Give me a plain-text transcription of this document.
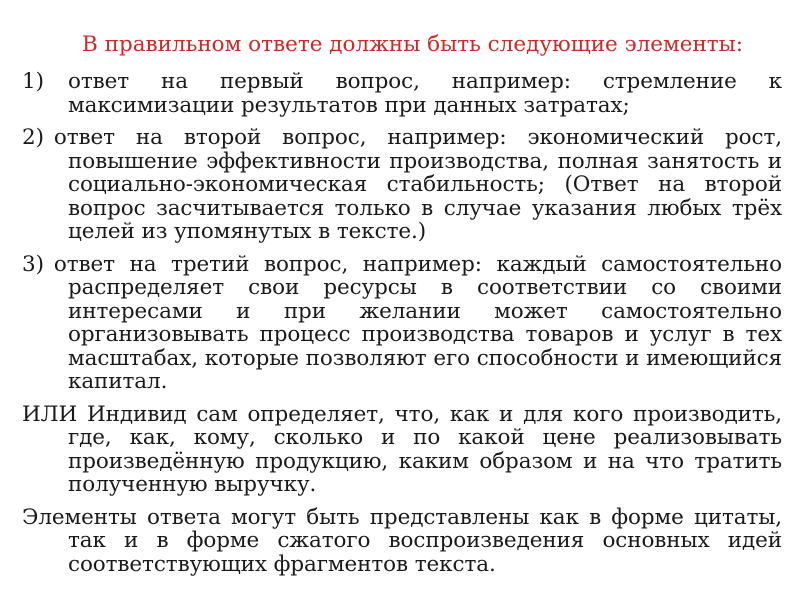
В правильном ответе должны быть следующие элементы:

1) ответ на первый вопрос, например: стремление к максимизации результатов при данных затратах;

2) ответ на второй вопрос, например: экономический рост, повышение эффективности производства, полная занятость и социально-экономическая стабильность; (Ответ на второй вопрос засчитывается только в случае указания любых трёх целей из упомянутых в тексте.)

3) ответ на третий вопрос, например: каждый самостоятельно распределяет свои ресурсы в соответствии со своими интересами и при желании может самостоятельно организовывать процесс производства товаров и услуг в тех масштабах, которые позволяют его способности и имеющийся капитал.

ИЛИ Индивид сам определяет, что, как и для кого производить, где, как, кому, сколько и по какой цене реализовывать произведённую продукцию, каким образом и на что тратить полученную выручку.

Элементы ответа могут быть представлены как в форме цитаты, так и в форме сжатого воспроизведения основных идей соответствующих фрагментов текста.
